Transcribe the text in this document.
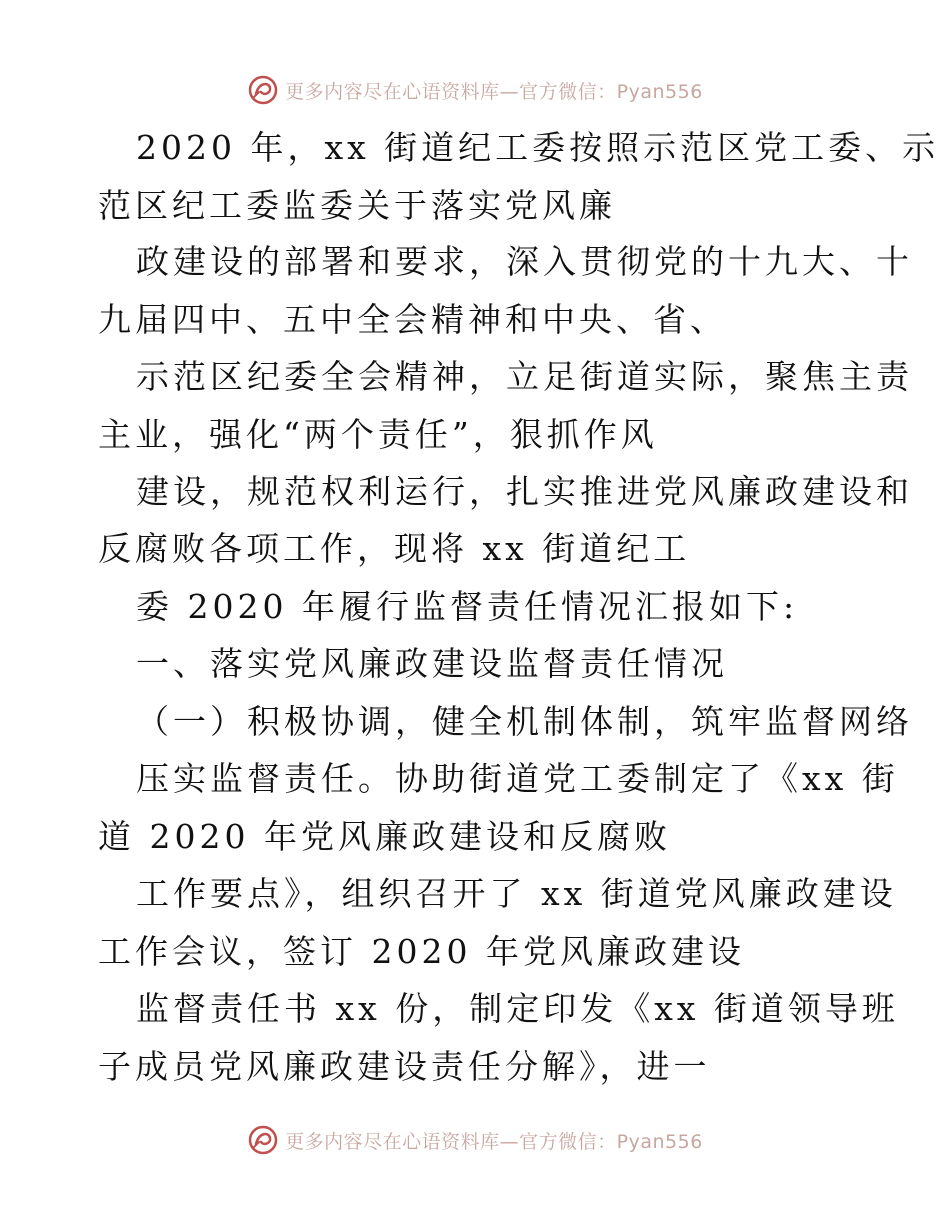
更多内容尽在心语资料库—官方微信：Pyan556
2020 年，xx 街道纪工委按照示范区党工委、示
范区纪工委监委关于落实党风廉
政建设的部署和要求，深入贯彻党的十九大、十
九届四中、五中全会精神和中央、省、
示范区纪委全会精神，立足街道实际，聚焦主责
主业，强化“两个责任”，狠抓作风
建设，规范权利运行，扎实推进党风廉政建设和
反腐败各项工作，现将 xx 街道纪工
委 2020 年履行监督责任情况汇报如下:
一、落实党风廉政建设监督责任情况
（一）积极协调，健全机制体制，筑牢监督网络
压实监督责任。协助街道党工委制定了《xx 街
道 2020 年党风廉政建设和反腐败
工作要点》，组织召开了 xx 街道党风廉政建设
工作会议，签订 2020 年党风廉政建设
监督责任书 xx 份，制定印发《xx 街道领导班
子成员党风廉政建设责任分解》，进一
更多内容尽在心语资料库—官方微信：Pyan556
